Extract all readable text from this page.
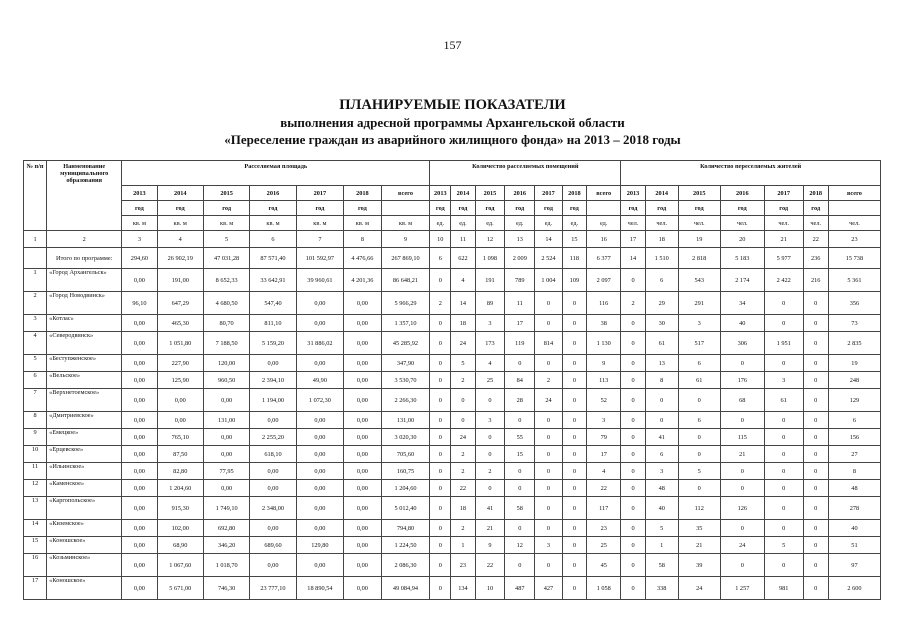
157
ПЛАНИРУЕМЫЕ ПОКАЗАТЕЛИ
выполнения адресной программы Архангельской области
«Переселение граждан из аварийного жилищного фонда» на 2013 – 2018 годы
№ п/п	Наименование муниципального образования	Расселяемая площадь							Количество расселяемых помещений							Количество переселяемых жителей						
		2013	2014	2015	2016	2017	2018	всего	2013	2014	2015	2016	2017	2018	всего	2013	2014	2015	2016	2017	2018	всего
		год	год	год	год	год	год		год	год	год	год	год	год		год	год	год	год	год	год	
		кв. м	кв. м	кв. м	кв. м	кв. м	кв. м	кв. м	ед.	ед.	ед.	ед.	ед.	ед.	ед.	чел.	чел.	чел.	чел.	чел.	чел.	чел.
1	2	3	4	5	6	7	8	9	10	11	12	13	14	15	16	17	18	19	20	21	22	23
	Итого по программе:	294,60	26 902,19	47 031,28	87 571,40	101 592,97	4 476,66	267 869,10	6	622	1 098	2 009	2 524	118	6 377	14	1 510	2 818	5 183	5 977	236	15 738
1	«Город Архангельск»	0,00	191,00	8 652,33	33 642,91	39 960,61	4 201,36	86 648,21	0	4	191	789	1 004	109	2 097	0	6	543	2 174	2 422	216	5 361
2	«Город Новодвинск»	96,10	647,29	4 680,50	547,40	0,00	0,00	5 966,29	2	14	89	11	0	0	116	2	29	291	34	0	0	356
3	«Котлас»	0,00	465,30	80,70	811,10	0,00	0,00	1 357,10	0	18	3	17	0	0	38	0	30	3	40	0	0	73
4	«Северодвинск»	0,00	1 051,80	7 188,50	5 159,20	31 886,02	0,00	45 285,92	0	24	173	119	814	0	1 130	0	61	517	306	1 951	0	2 835
5	«Беступженское»	0,00	227,90	120,00	0,00	0,00	0,00	347,90	0	5	4	0	0	0	9	0	13	6	0	0	0	19
6	«Вельское»	0,00	125,90	960,50	2 394,10	49,90	0,00	3 530,70	0	2	25	84	2	0	113	0	8	61	176	3	0	248
7	«Верхнетоемское»	0,00	0,00	0,00	1 194,00	1 072,30	0,00	2 266,30	0	0	0	28	24	0	52	0	0	0	68	61	0	129
8	«Дмитриевское»	0,00	0,00	131,00	0,00	0,00	0,00	131,00	0	0	3	0	0	0	3	0	0	6	0	0	0	6
9	«Емецкое»	0,00	765,10	0,00	2 255,20	0,00	0,00	3 020,30	0	24	0	55	0	0	79	0	41	0	115	0	0	156
10	«Ерцевское»	0,00	87,50	0,00	618,10	0,00	0,00	705,60	0	2	0	15	0	0	17	0	6	0	21	0	0	27
11	«Ильинское»	0,00	82,80	77,95	0,00	0,00	0,00	160,75	0	2	2	0	0	0	4	0	3	5	0	0	0	8
12	«Каменское»	0,00	1 204,60	0,00	0,00	0,00	0,00	1 204,60	0	22	0	0	0	0	22	0	48	0	0	0	0	48
13	«Каргопольское»	0,00	915,30	1 749,10	2 348,00	0,00	0,00	5 012,40	0	18	41	58	0	0	117	0	40	112	126	0	0	278
14	«Киземское»	0,00	102,00	692,80	0,00	0,00	0,00	794,80	0	2	21	0	0	0	23	0	5	35	0	0	0	40
15	«Коношское»	0,00	68,90	346,20	689,60	129,80	0,00	1 224,50	0	1	9	12	3	0	25	0	1	21	24	5	0	51
16	«Козьминское»	0,00	1 067,60	1 018,70	0,00	0,00	0,00	2 086,30	0	23	22	0	0	0	45	0	58	39	0	0	0	97
17	«Коношское»	0,00	5 671,00	746,30	23 777,10	18 890,54	0,00	49 084,94	0	134	10	487	427	0	1 058	0	338	24	1 257	981	0	2 600
